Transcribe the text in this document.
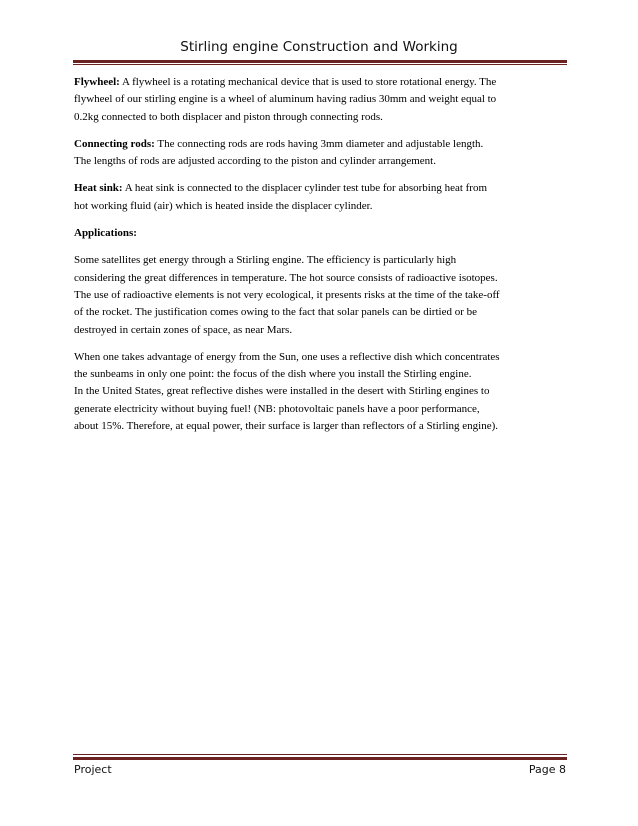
Stirling engine Construction and Working
Flywheel: A flywheel is a rotating mechanical device that is used to store rotational energy. The
flywheel of our stirling engine is a wheel of aluminum having radius 30mm and weight equal to
0.2kg connected to both displacer and piston through connecting rods.
Connecting rods: The connecting rods are rods having 3mm diameter and adjustable length.
The lengths of rods are adjusted according to the piston and cylinder arrangement.
Heat sink: A heat sink is connected to the displacer cylinder test tube for absorbing heat from
hot working fluid (air) which is heated inside the displacer cylinder.
Applications:
Some satellites get energy through a Stirling engine. The efficiency is particularly high
considering the great differences in temperature. The hot source consists of radioactive isotopes.
The use of radioactive elements is not very ecological, it presents risks at the time of the take-off
of the rocket. The justification comes owing to the fact that solar panels can be dirtied or be
destroyed in certain zones of space, as near Mars.
When one takes advantage of energy from the Sun, one uses a reflective dish which concentrates
the sunbeams in only one point: the focus of the dish where you install the Stirling engine.
In the United States, great reflective dishes were installed in the desert with Stirling engines to
generate electricity without buying fuel! (NB: photovoltaic panels have a poor performance,
about 15%. Therefore, at equal power, their surface is larger than reflectors of a Stirling engine).
Project	Page 8
